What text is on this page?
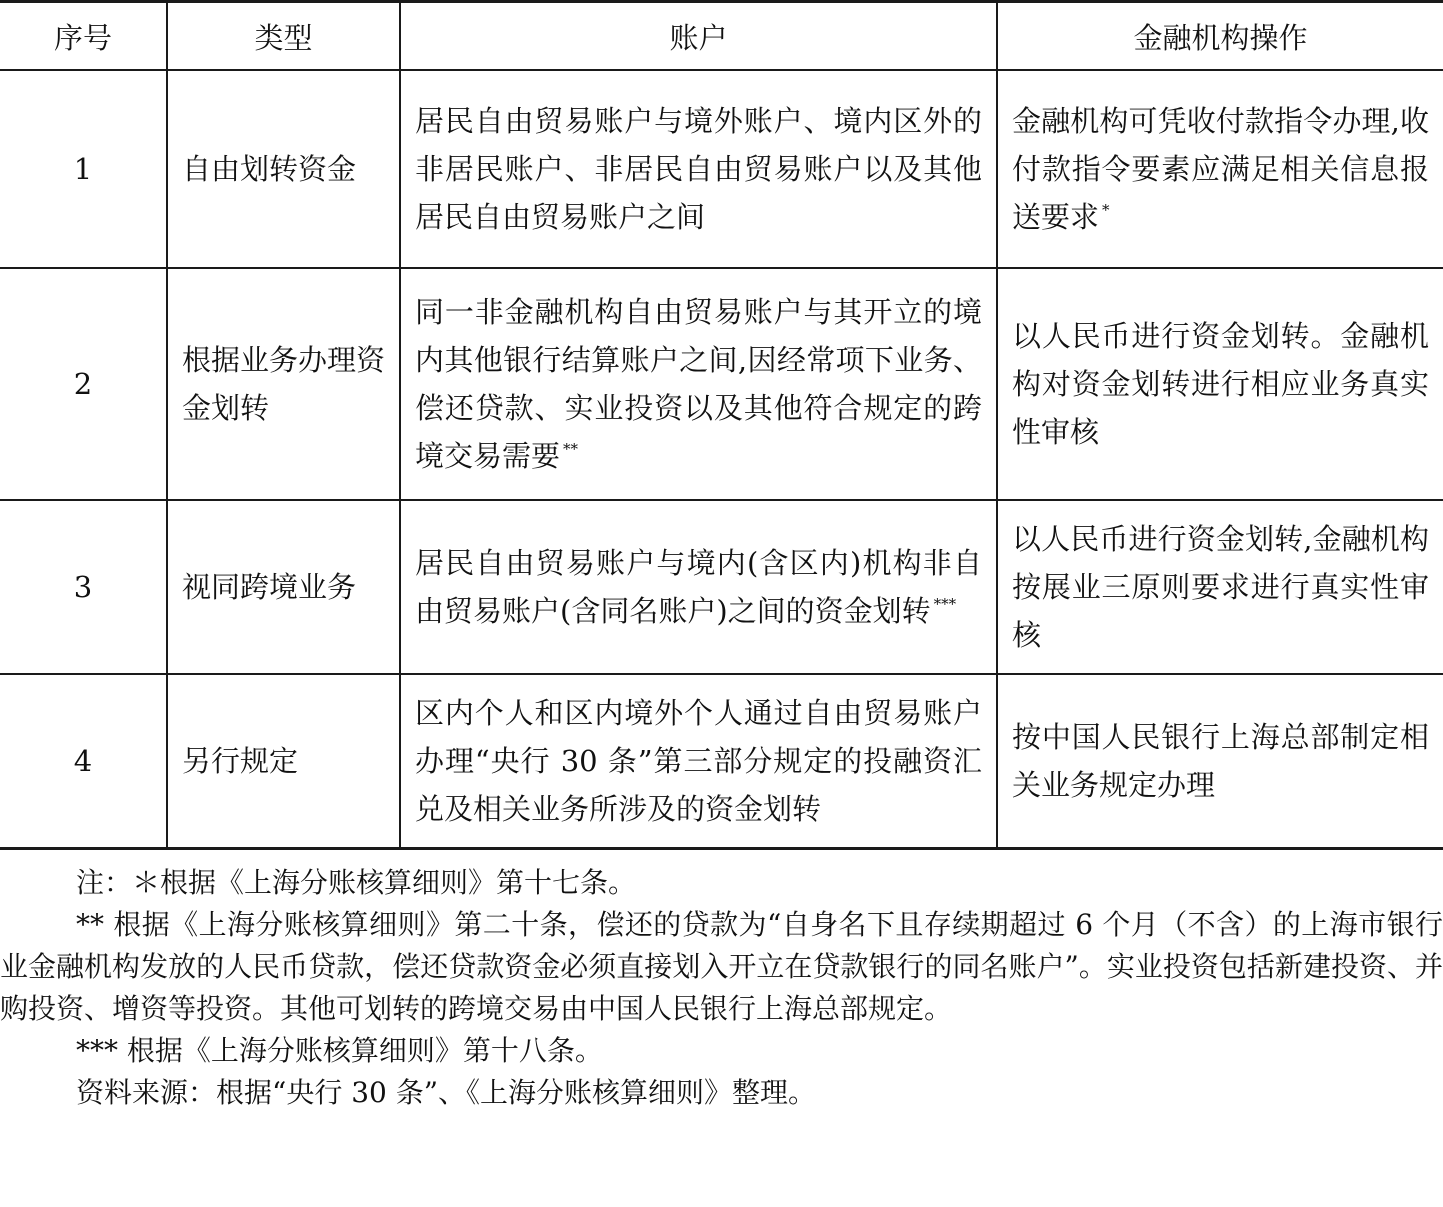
序号	类型	账户	金融机构操作
1	自由划转资金	居民自由贸易账户与境外账户、境内区外的非居民账户、非居民自由贸易账户以及其他居民自由贸易账户之间	金融机构可凭收付款指令办理,收付款指令要素应满足相关信息报送要求 *
2	根据业务办理资金划转	同一非金融机构自由贸易账户与其开立的境内其他银行结算账户之间,因经常项下业务、偿还贷款、实业投资以及其他符合规定的跨境交易需要 **	以人民币进行资金划转。金融机构对资金划转进行相应业务真实性审核
3	视同跨境业务	居民自由贸易账户与境内(含区内)机构非自由贸易账户(含同名账户)之间的资金划转 ***	以人民币进行资金划转,金融机构按展业三原则要求进行真实性审核
4	另行规定	区内个人和区内境外个人通过自由贸易账户办理“央行 30 条”第三部分规定的投融资汇兑及相关业务所涉及的资金划转	按中国人民银行上海总部制定相关业务规定办理

注：＊根据《上海分账核算细则》第十七条。

** 根据《上海分账核算细则》第二十条，偿还的贷款为“自身名下且存续期超过 6 个月（不含）的上海市银行业金融机构发放的人民币贷款，偿还贷款资金必须直接划入开立在贷款银行的同名账户”。实业投资包括新建投资、并购投资、增资等投资。其他可划转的跨境交易由中国人民银行上海总部规定。

*** 根据《上海分账核算细则》第十八条。

资料来源：根据“央行 30 条”、《上海分账核算细则》整理。
